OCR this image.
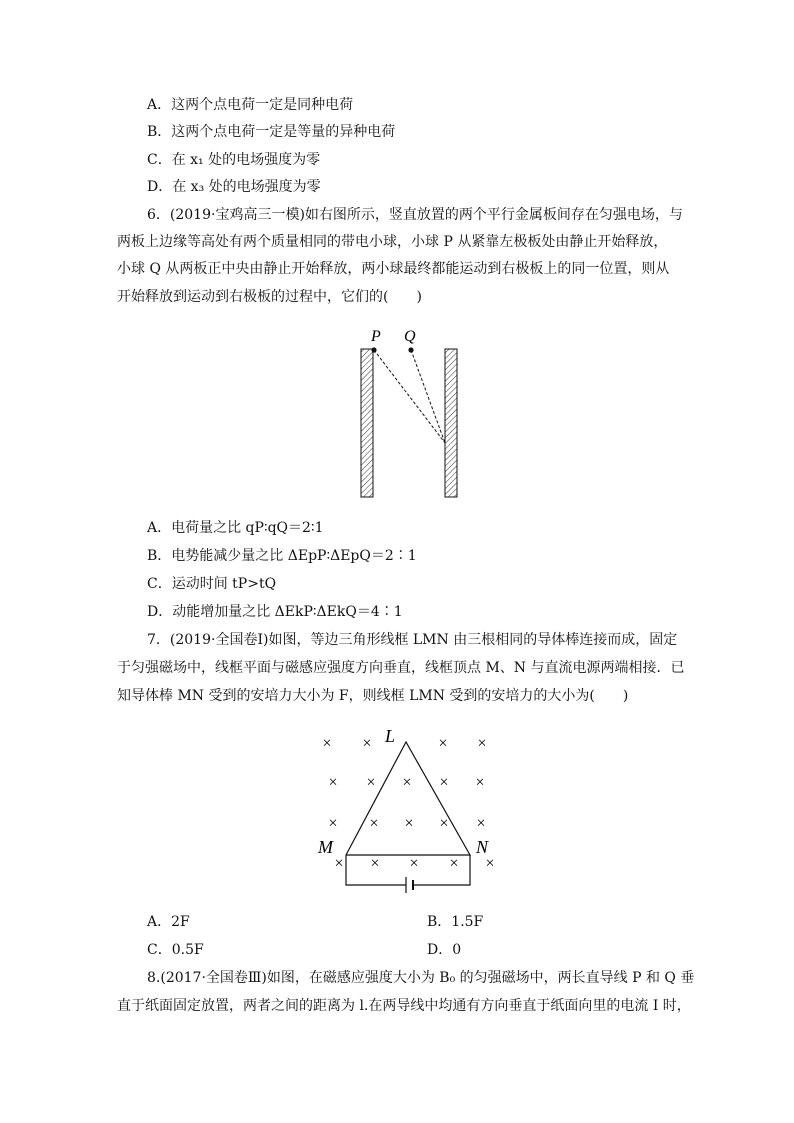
A．这两个点电荷一定是同种电荷
B．这两个点电荷一定是等量的异种电荷
C．在 x₁ 处的电场强度为零
D．在 x₃ 处的电场强度为零
6．(2019·宝鸡高三一模)如右图所示，竖直放置的两个平行金属板间存在匀强电场，与
两板上边缘等高处有两个质量相同的带电小球，小球 P 从紧靠左极板处由静止开始释放，
小球 Q 从两板正中央由静止开始释放，两小球最终都能运动到右极板上的同一位置，则从
开始释放到运动到右极板的过程中，它们的(　　)
P Q
A．电荷量之比 qP∶qQ＝2∶1
B．电势能减少量之比 ΔEpP∶ΔEpQ＝2∶1
C．运动时间 tP>tQ
D．动能增加量之比 ΔEkP∶ΔEkQ＝4∶1
7．(2019·全国卷Ⅰ)如图，等边三角形线框 LMN 由三根相同的导体棒连接而成，固定
于匀强磁场中，线框平面与磁感应强度方向垂直，线框顶点 M、N 与直流电源两端相接．已
知导体棒 MN 受到的安培力大小为 F，则线框 LMN 受到的安培力的大小为(　　)
× ×	× ×
× × × × ×
× × × × ×
× × × × ×
L
M	N
A．2F	B．1.5F
C．0.5F	D．0
8.(2017·全国卷Ⅲ)如图，在磁感应强度大小为 B₀ 的匀强磁场中，两长直导线 P 和 Q 垂
直于纸面固定放置，两者之间的距离为 l.在两导线中均通有方向垂直于纸面向里的电流 I 时，
